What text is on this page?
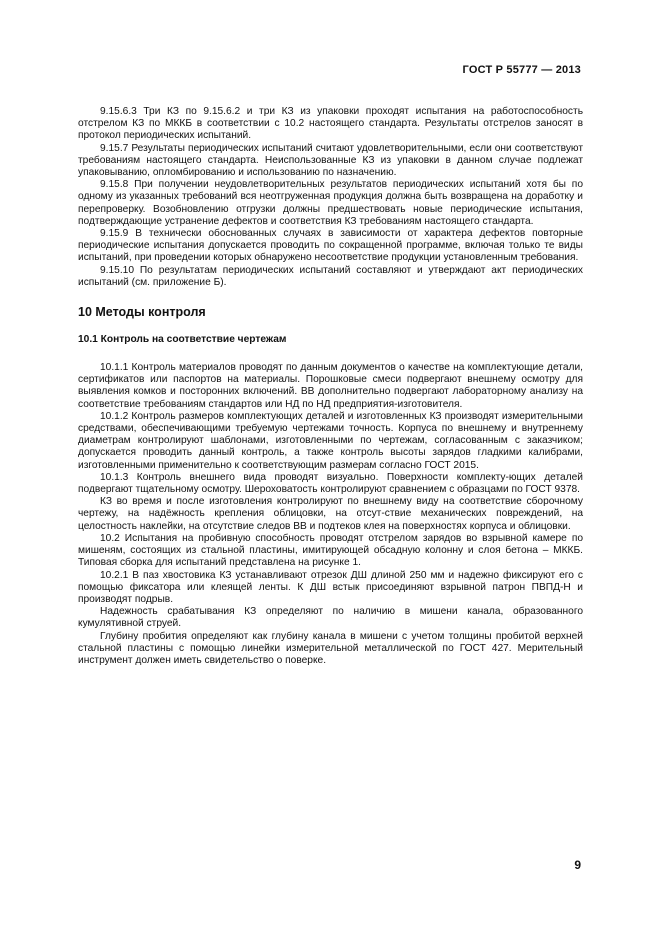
ГОСТ Р 55777 — 2013

9.15.6.3 Три КЗ по 9.15.6.2 и три КЗ из упаковки проходят испытания на работоспособность отстрелом КЗ по МККБ в соответствии с 10.2 настоящего стандарта. Результаты отстрелов заносят в протокол периодических испытаний.

9.15.7 Результаты периодических испытаний считают удовлетворительными, если они соответствуют требованиям настоящего стандарта. Неиспользованные КЗ из упаковки в данном случае подлежат упаковыванию, опломбированию и использованию по назначению.

9.15.8 При получении неудовлетворительных результатов периодических испытаний хотя бы по одному из указанных требований вся неотгруженная продукция должна быть возвращена на доработку и перепроверку. Возобновлению отгрузки должны предшествовать новые периодические испытания, подтверждающие устранение дефектов и соответствия КЗ требованиям настоящего стандарта.

9.15.9 В технически обоснованных случаях в зависимости от характера дефектов повторные периодические испытания допускается проводить по сокращенной программе, включая только те виды испытаний, при проведении которых обнаружено несоответствие продукции установленным требования.

9.15.10 По результатам периодических испытаний составляют и утверждают акт периодических испытаний (см. приложение Б).

10 Методы контроля
10.1 Контроль на соответствие чертежам

10.1.1 Контроль материалов проводят по данным документов о качестве на комплектующие детали, сертификатов или паспортов на материалы. Порошковые смеси подвергают внешнему осмотру для выявления комков и посторонних включений. ВВ дополнительно подвергают лабораторному анализу на соответствие требованиям стандартов или НД по НД предприятия-изготовителя.

10.1.2 Контроль размеров комплектующих деталей и изготовленных КЗ производят измерительными средствами, обеспечивающими требуемую чертежами точность. Корпуса по внешнему и внутреннему диаметрам контролируют шаблонами, изготовленными по чертежам, согласованным с заказчиком; допускается проводить данный контроль, а также контроль высоты зарядов гладкими калибрами, изготовленными применительно к соответствующим размерам согласно ГОСТ 2015.

10.1.3 Контроль внешнего вида проводят визуально. Поверхности комплекту-ющих деталей подвергают тщательному осмотру. Шероховатость контролируют сравнением с образцами по ГОСТ 9378.

КЗ во время и после изготовления контролируют по внешнему виду на соответствие сборочному чертежу, на надёжность крепления облицовки, на отсут-ствие механических повреждений, на целостность наклейки, на отсутствие следов ВВ и подтеков клея на поверхностях корпуса и облицовки.

10.2 Испытания на пробивную способность проводят отстрелом зарядов во взрывной камере по мишеням, состоящих из стальной пластины, имитирующей обсадную колонну и слоя бетона – МККБ. Типовая сборка для испытаний представлена на рисунке 1.

10.2.1 В паз хвостовика КЗ устанавливают отрезок ДШ длиной 250 мм и надежно фиксируют его с помощью фиксатора или клеящей ленты. К ДШ встык присоединяют взрывной патрон ПВПД-Н и производят подрыв.

Надежность срабатывания КЗ определяют по наличию в мишени канала, образованного кумулятивной струей.

Глубину пробития определяют как глубину канала в мишени с учетом толщины пробитой верхней стальной пластины с помощью линейки измерительной металлической по ГОСТ 427. Мерительный инструмент должен иметь свидетельство о поверке.

9
